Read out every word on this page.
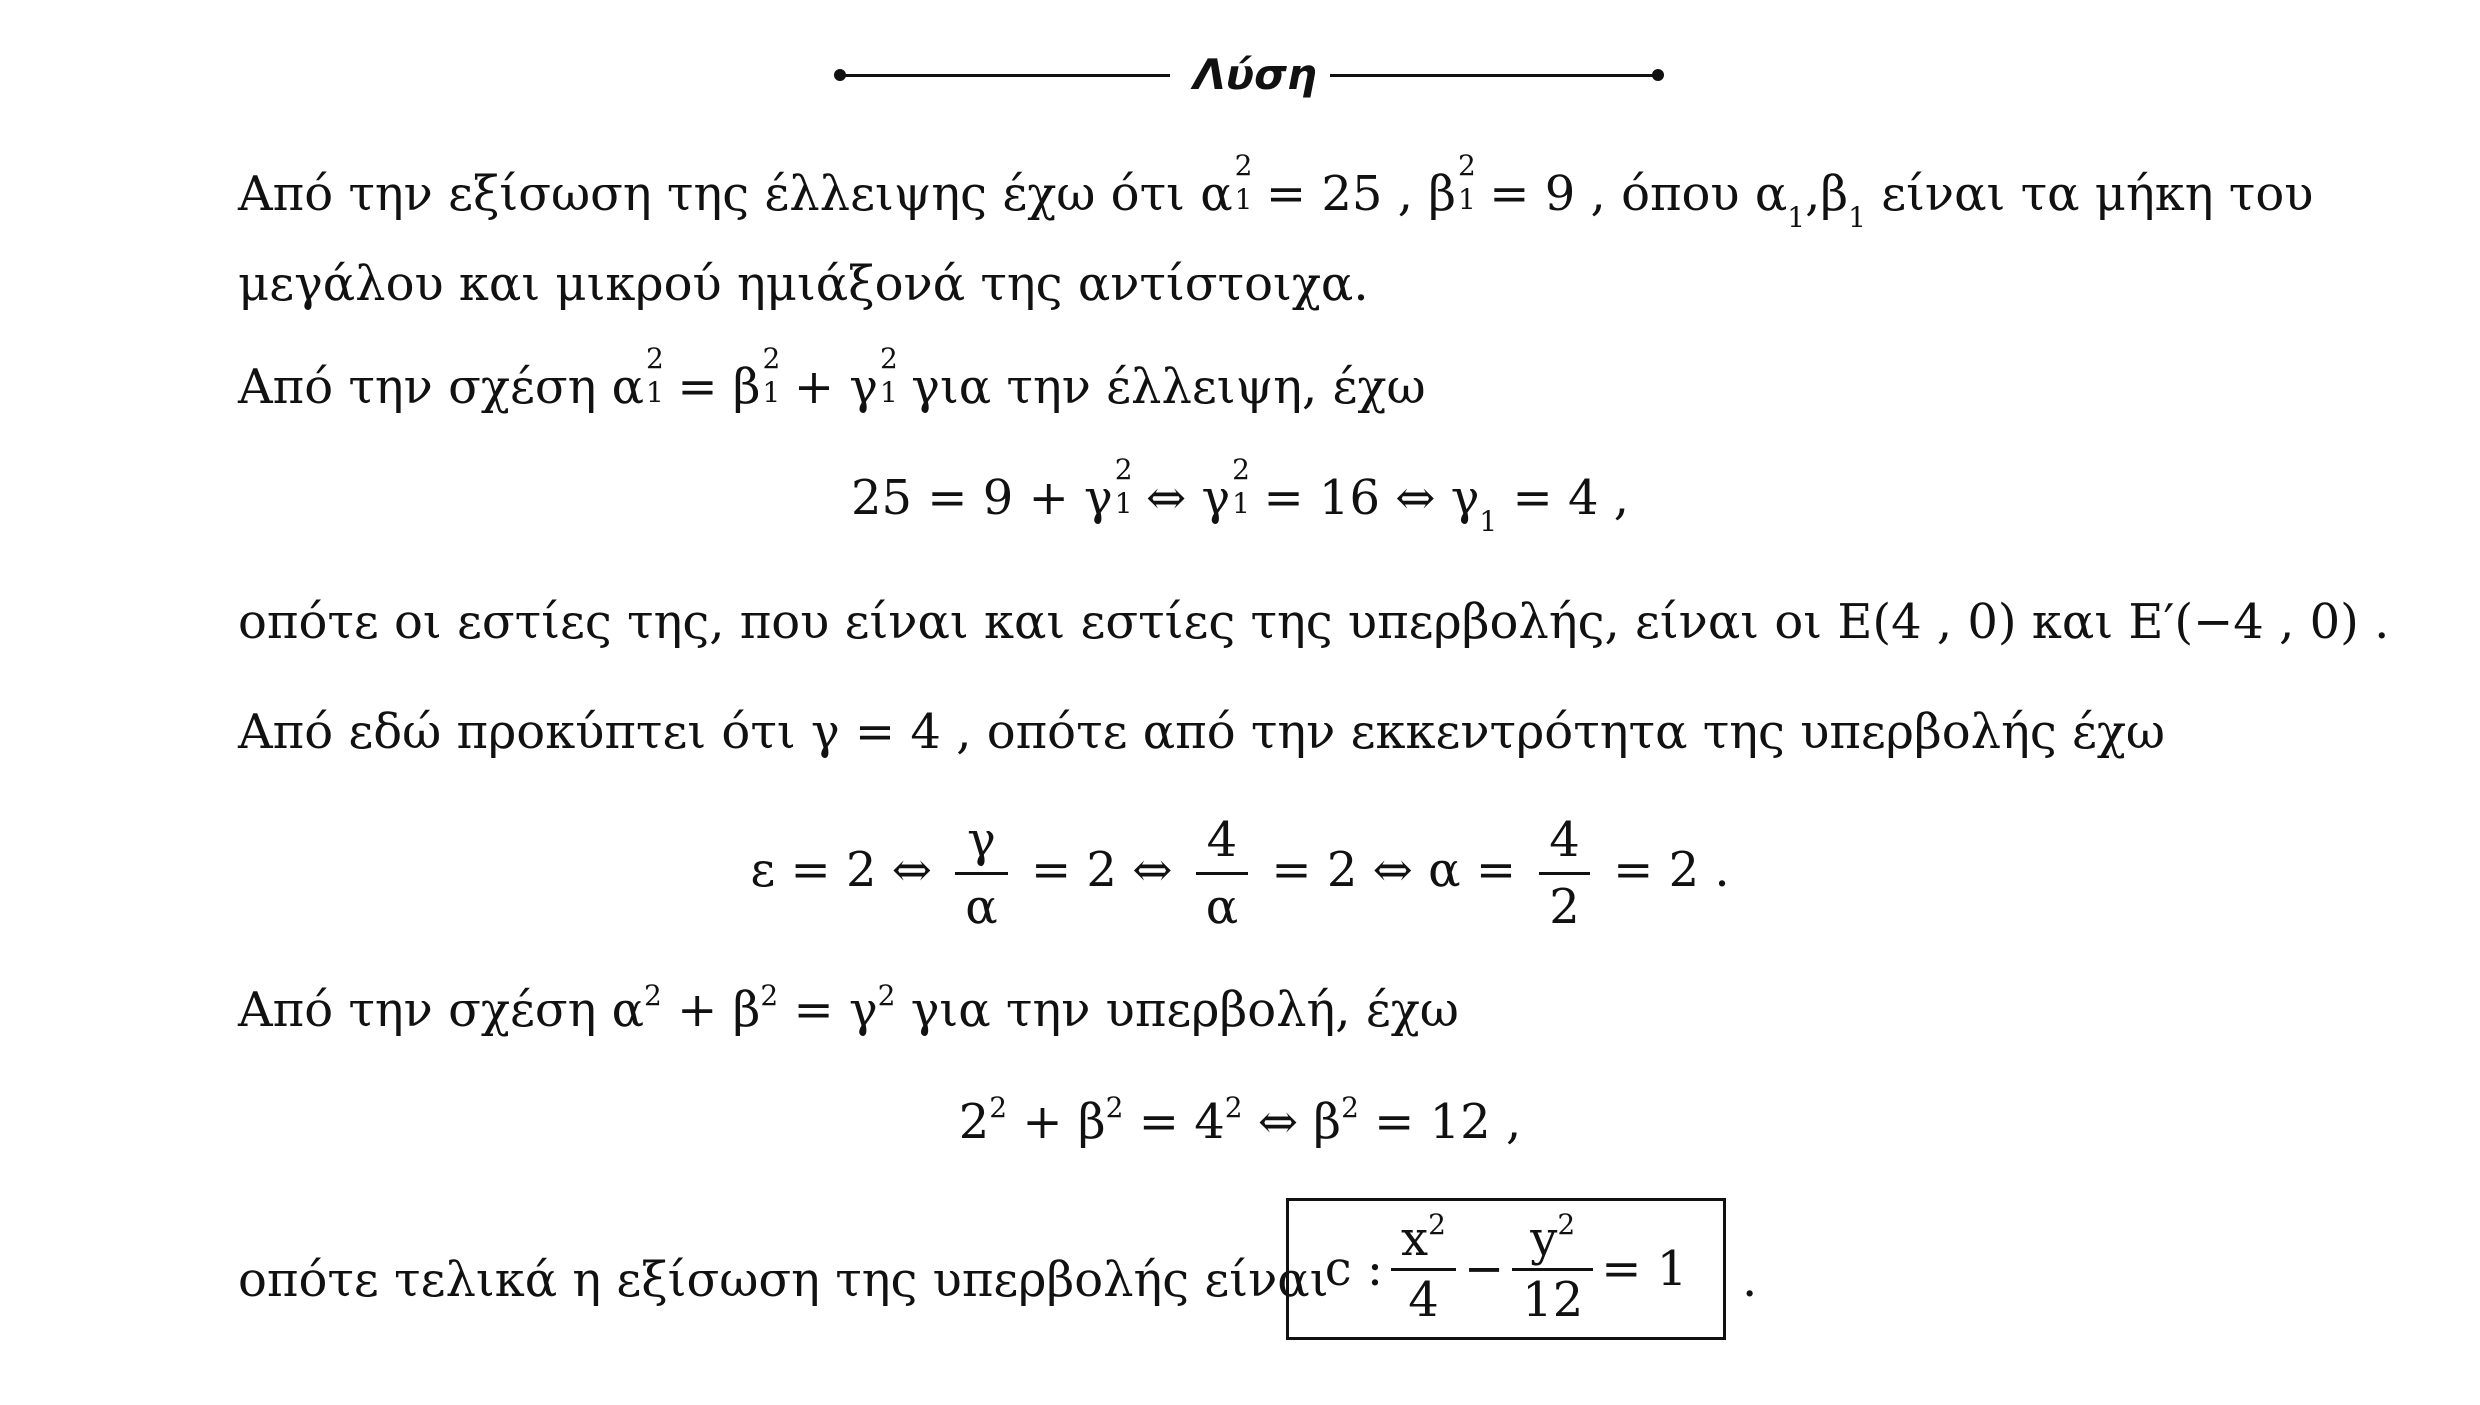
Λύση
Από την εξίσωση της έλλειψης έχω ότι α
2
1 = 25 , β
2
1 = 9 , όπου $\alpha_1,\beta_1$ είναι τα μήκη του
μεγάλου και μικρού ημιάξονά της αντίστοιχα.
Από την σχέση α
2
1 = β
2
1 + γ
2
1 για την έλλειψη, έχω
25 = 9 + γ
2
1 ⇔ γ
2
1 = 16 ⇔ $\gamma_1 = 4$ ,
οπότε οι εστίες της, που είναι και εστίες της υπερβολής, είναι οι E(4 , 0) και E′(−4 , 0) .
Από εδώ προκύπτει ότι γ = 4 , οπότε από την εκκεντρότητα της υπερβολής έχω
ε = 2 ⇔ $\frac{\gamma}{\alpha} = 2$ ⇔ $\frac{4}{\alpha} = 2$ ⇔ $\alpha = \frac{4}{2} = 2$ .
Από την σχέση $\alpha^2 + \beta^2 = \gamma^2$ για την υπερβολή, έχω
$2^2 + \beta^2 = 4^2$ ⇔ $\beta^2 = 12$ ,
οπότε τελικά η εξίσωση της υπερβολής είναι
c : $\frac{x^2}{4} - \frac{y^2}{12} = 1$ .
